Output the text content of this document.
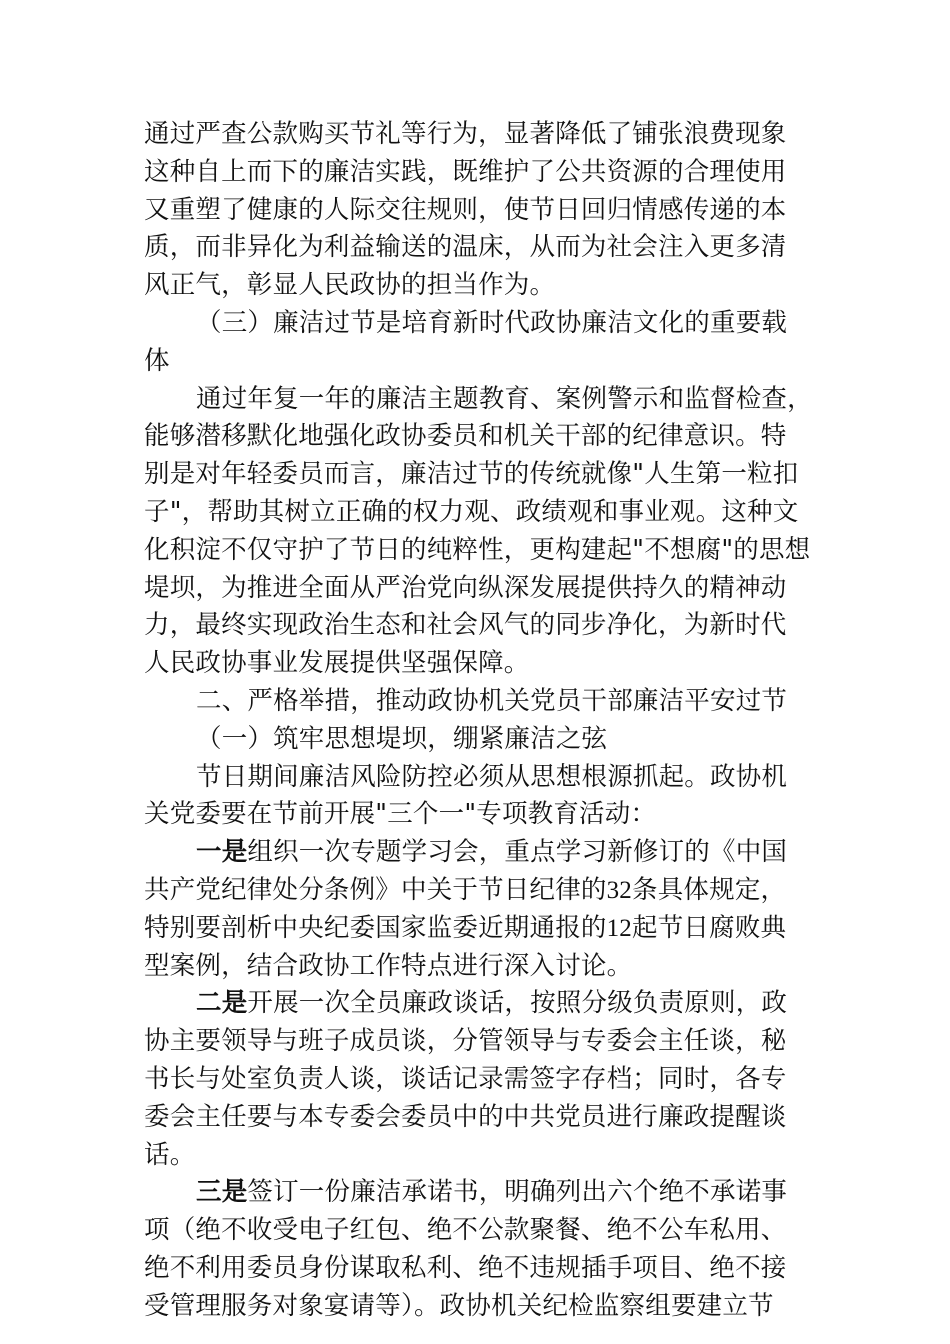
通过严查公款购买节礼等行为，显著降低了铺张浪费现象
这种自上而下的廉洁实践，既维护了公共资源的合理使用
又重塑了健康的人际交往规则，使节日回归情感传递的本
质，而非异化为利益输送的温床，从而为社会注入更多清
风正气，彰显人民政协的担当作为。
（三）廉洁过节是培育新时代政协廉洁文化的重要载
体
通过年复一年的廉洁主题教育、案例警示和监督检查，
能够潜移默化地强化政协委员和机关干部的纪律意识。特
别是对年轻委员而言，廉洁过节的传统就像"人生第一粒扣
子"，帮助其树立正确的权力观、政绩观和事业观。这种文
化积淀不仅守护了节日的纯粹性，更构建起"不想腐"的思想
堤坝，为推进全面从严治党向纵深发展提供持久的精神动
力，最终实现政治生态和社会风气的同步净化，为新时代
人民政协事业发展提供坚强保障。
二、严格举措，推动政协机关党员干部廉洁平安过节
（一）筑牢思想堤坝，绷紧廉洁之弦
节日期间廉洁风险防控必须从思想根源抓起。政协机
关党委要在节前开展"三个一"专项教育活动：
一是组织一次专题学习会，重点学习新修订的《中国
共产党纪律处分条例》中关于节日纪律的32条具体规定，
特别要剖析中央纪委国家监委近期通报的12起节日腐败典
型案例，结合政协工作特点进行深入讨论。
二是开展一次全员廉政谈话，按照分级负责原则，政
协主要领导与班子成员谈，分管领导与专委会主任谈，秘
书长与处室负责人谈，谈话记录需签字存档；同时，各专
委会主任要与本专委会委员中的中共党员进行廉政提醒谈
话。
三是签订一份廉洁承诺书，明确列出六个绝不承诺事
项（绝不收受电子红包、绝不公款聚餐、绝不公车私用、
绝不利用委员身份谋取私利、绝不违规插手项目、绝不接
受管理服务对象宴请等）。政协机关纪检监察组要建立节
